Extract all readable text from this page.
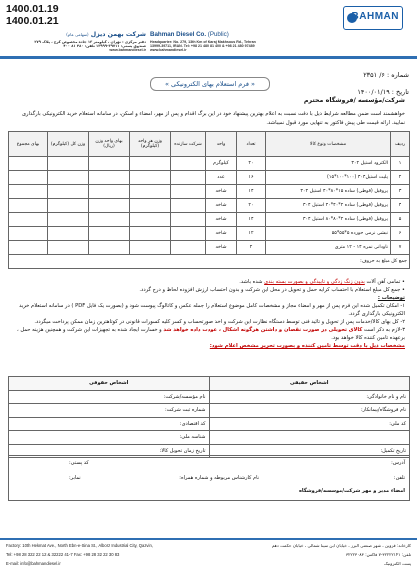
1400.01.19
1400.01.21	BAHMAN
Bahman Diesel Co. (Public)
Headquarter: No. 279, 13th Km of Karaj Makhsous Rd., Tehran
13999-39711, IRAN. Tel: +98 21 480 81 400 & +98 21 480 97489
www.bahmandiesel.ir
شرکت بهمن دیزل (سهامی عام)
دفتر مرکزی : تهران ، کیلومتر ۱۳ جاده مخصوص کرج ، پلاک ۲۷۹
صندوق پستی: ۳۹۷۱۱-۱۳۹۹۹ تلفن: ۴۸۰ ۸۱ ۴۰۰
www.bahmandiesel.ir
شماره : ۶/ ۲۳۵۱
تاریخ : ۱۴۰۰/۰۱/۱۹
« فرم استعلام بهای الکترونیکی »
شرکت/مؤسسه /فروشگاه محترم
خواهشمند است ضمن مطالعه شرایط ذیل با دقت نسبت به اعلام بهترین پیشنهاد خود در این برگ اقدام و پس از مهر، امضاء و اسکن، در سامانه استعلام خرید الکترونیکی بارگذاری نمایید. ارائه قیمت طی پیش فاکتور به تنهایی مورد قبول نمیباشد.
ردیف	مشخصات ونوع کالا	تعداد	واحد	شرکت سازنده	وزن هر واحد (کیلوگرم)	بهای واحد وزن (ریال)	وزن کل (کیلوگرم)	بهای مجموع
۱	الکترود استیل ۳۰۲	۴۰	کیلوگرم					
۲	پلیت استیل۳۰۴ (۱۰۰*۱۰۰*۱۵)	۱۶	عدد					
۳	پروفیل (قوطی) ساده ۱۵*۸۰*۴۰ استیل ۳۰۴	۱۴	شاخه					
۴	پروفیل (قوطی) ساده ۲*۴۰*۴۰ استیل ۳۰۴	۲۰	شاخه					
۵	پروفیل (قوطی) ساده ۲*۸۰*۸۰ استیل ۳۰۴	۱۴	شاخه					
۶	نبشی نرمی حورده ۵*۵۵*۵۵	۱۲	شاخه					
۷	ناودانی نمره ۱۴ - ۱۲ متری	۲	شاخه					
جمع کل مبلغ به حروف:								
• تمامی آهن آلات بدون زنگ زدگی و تابیدگی و بصورت بسته بندی شده باشد.
• جمع کل مبلغ استعلام با احتساب کرایه حمل و تحویل در محل این شرکت و بدون احتساب ارزش افزوده لحاظ و درج گردد.
توضیحات :
۱- امکان تکمیل شده این فرم پس از مهر و امضاء مجاز و مشخصات کامل موضوع استعلام را جمله عکس و کاتالوگ پیوست شود و (بصورت یک فایل PDF ) در سامانه استعلام خرید الکترونیکی بارگذاری گردد.
۲- کل بهای کالا/خدمات پس از تحویل و تائید فنی توسط دستگاه نظارت این شرکت و اخذ صورتحساب و کسر کلیه کسورات قانونی در کوتاهترین زمان ممکن پرداخت میگردد.
۳-لازم به ذکر است کالای تحویلی در صورت نقصان و داشتن هرگونه اشکال ، عودت داده خواهد شد و خسارت ایجاد شده به تجهیزات این شرکت و همچنین هزینه حمل ، برعهده تامین کننده کالا خواهد بود.
مشخصات ذیل با دقت توسط تامین کننده و بصورت تحریر مشخص اعلام شود:
اشخاص حقیقی	اشخاص حقوقی
نام و نام خانوادگی:	نام مؤسسه/شرکت:
نام فروشگاه/پیمانکار:	شماره ثبت شرکت:
کد ملی:	کد اقتصادی:
	شناسه ملی:
تاریخ تکمیل:	تاریخ زمان تحویل کالا:
آدرس:
کد پستی:
تلفن:
نام کارشناس مربوطه و شماره همراه:
نمابر:
امضاء مدیر و مهر شرکت/موسسه/فروشگاه
Factory: 10th Hekmat Ave., North Ebn-e-Sina St., Alborz Industrial City, Qazvin,	کارخانه: قزوین ، شهر صنعتی البرز ، خیابان ابن سینا شمالی ، خیابان حکمت دهم
Tel: +98 28 322 22 12 & 32222 41-7 Fax: +98 28 32 22 30 83	تلفن: ۳۲۲۲۲۱۴۱-۷ فاکس: ۳۲۲۲۳۰۸۳
E-mail: info@bahmandiesel.ir	پست الکترونیک
